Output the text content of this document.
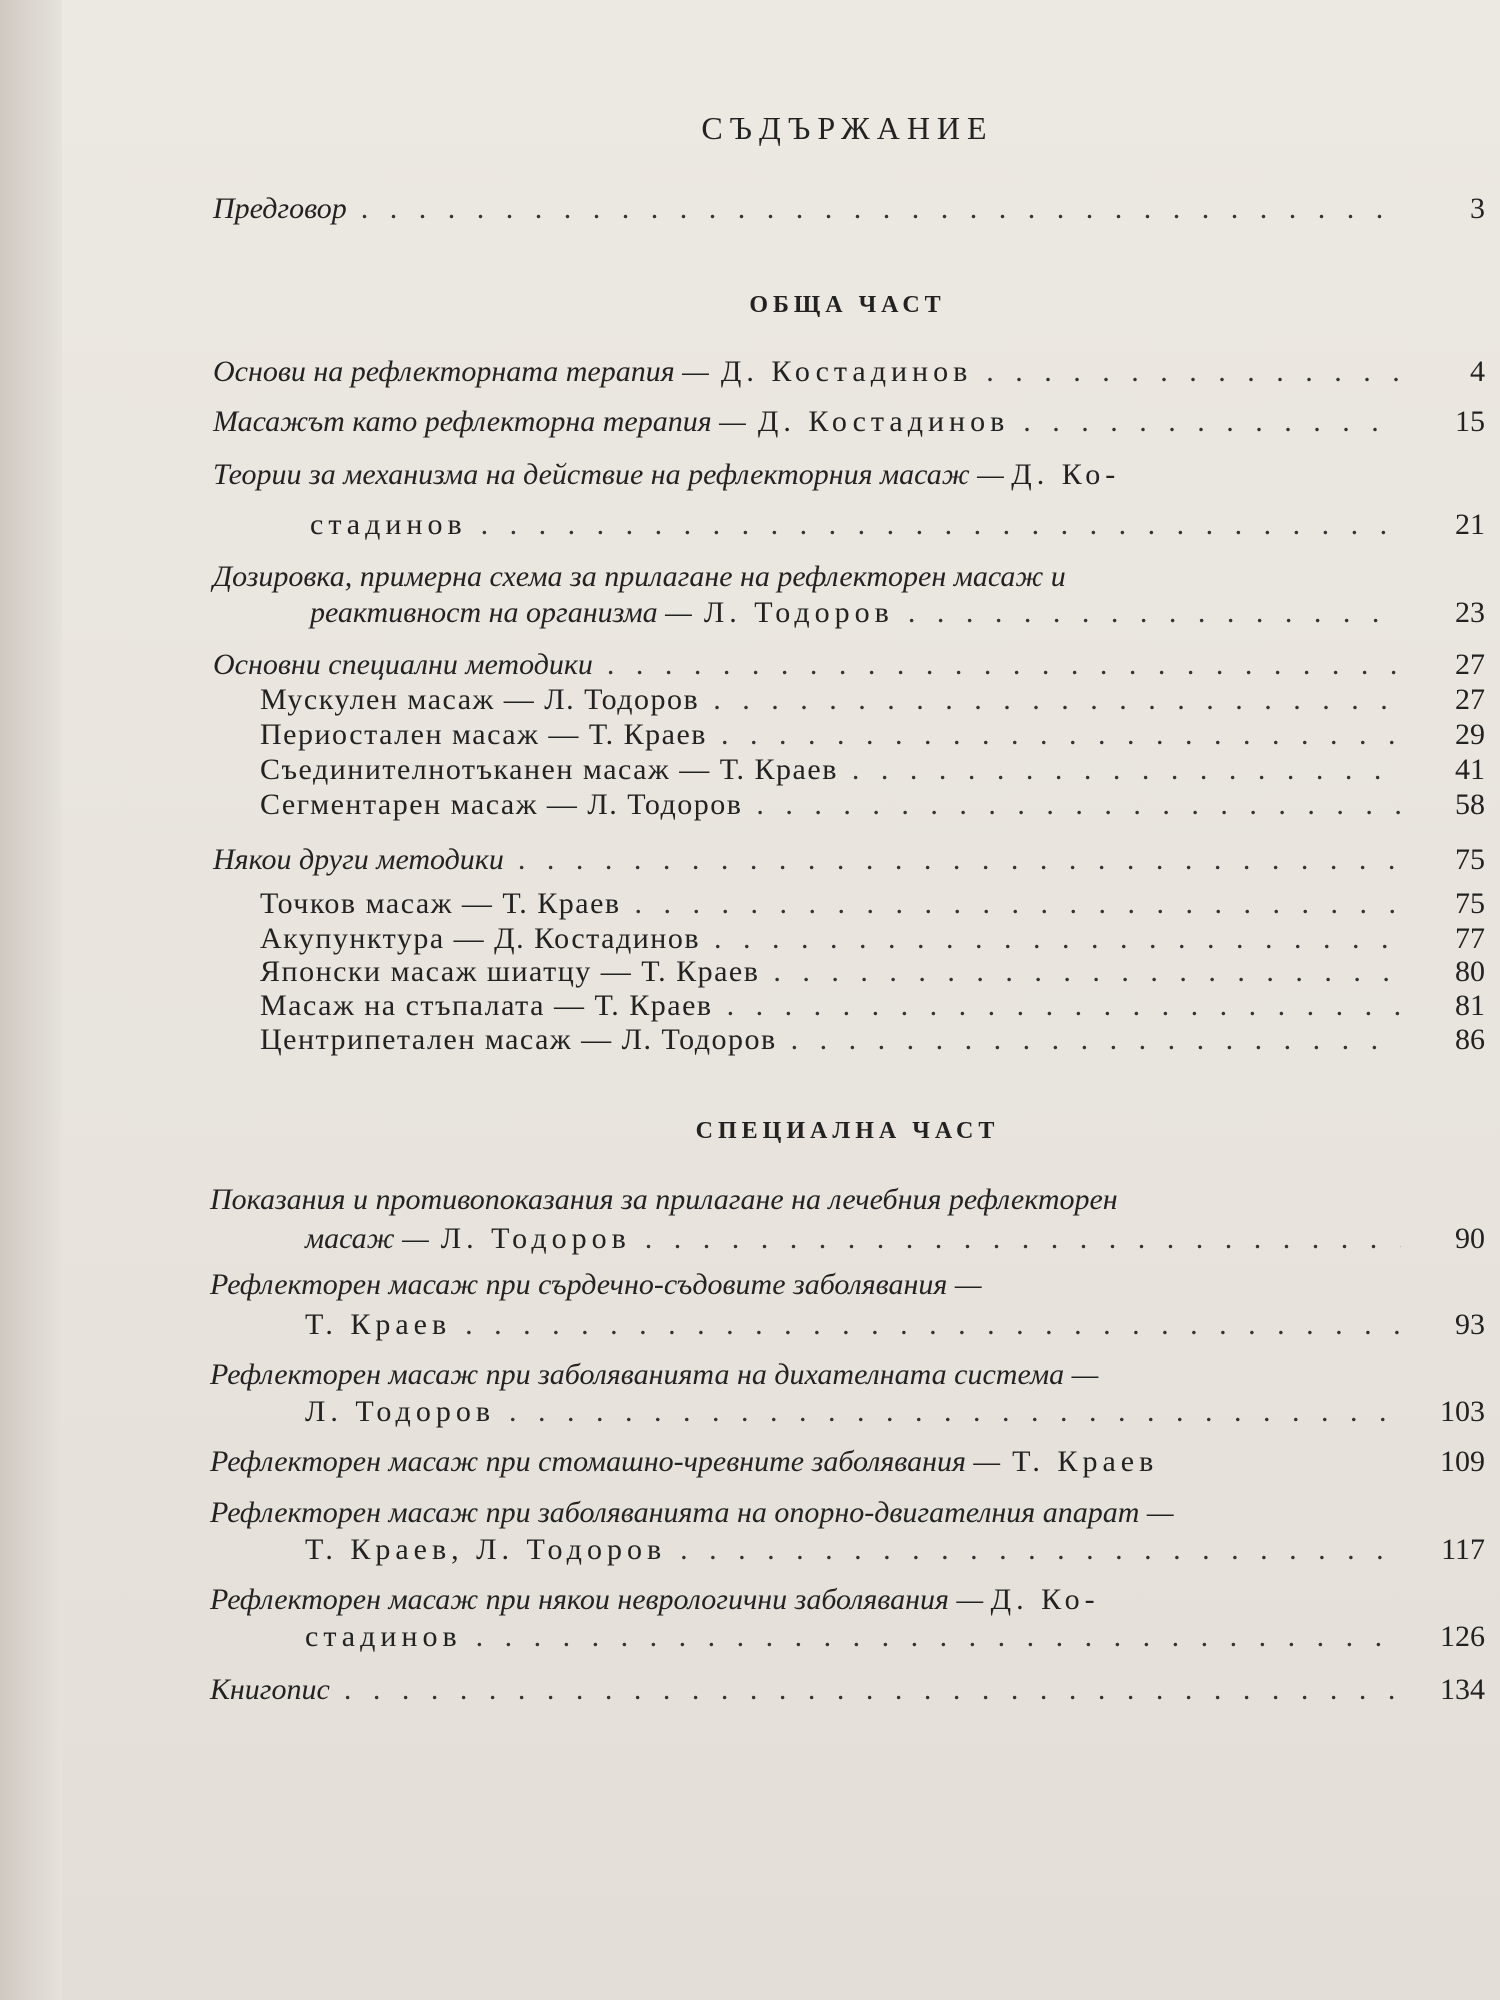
СЪДЪРЖАНИЕ
Предговор . . .	3
ОБЩА ЧАСТ
Основи на рефлекторната терапия — Д. Костадинов . . .	4
Масажът като рефлекторна терапия — Д. Костадинов . . .	15
Теории за механизма на действие на рефлекторния масаж — Д. Ко-
стадинов . . .	21
Дозировка, примерна схема за прилагане на рефлекторен масаж и
реактивност на организма — Л. Тодоров . . .	23
Основни специални методики . . .	27
Мускулен масаж — Л. Тодоров . . .	27
Периостален масаж — Т. Краев . . .	29
Съединителнотъканен масаж — Т. Краев . . .	41
Сегментарен масаж — Л. Тодоров . . .	58
Някои други методики . . .	75
Точков масаж — Т. Краев . . .	75
Акупунктура — Д. Костадинов . . .	77
Японски масаж шиатцу — Т. Краев . . .	80
Масаж на стъпалата — Т. Краев . . .	81
Центрипетален масаж — Л. Тодоров . . .	86
СПЕЦИАЛНА ЧАСТ
Показания и противопоказания за прилагане на лечебния рефлекторен
масаж — Л. Тодоров . . .	90
Рефлекторен масаж при сърдечно-съдовите заболявания —
Т. Краев . . .	93
Рефлекторен масаж при заболяванията на дихателната система —
Л. Тодоров . . .	103
Рефлекторен масаж при стомашно-чревните заболявания — Т. Краев	109
Рефлекторен масаж при заболяванията на опорно-двигателния апарат —
Т. Краев, Л. Тодоров . . .	117
Рефлекторен масаж при някои неврологични заболявания — Д. Ко-
стадинов . . .	126
Книгопис . . .	134
